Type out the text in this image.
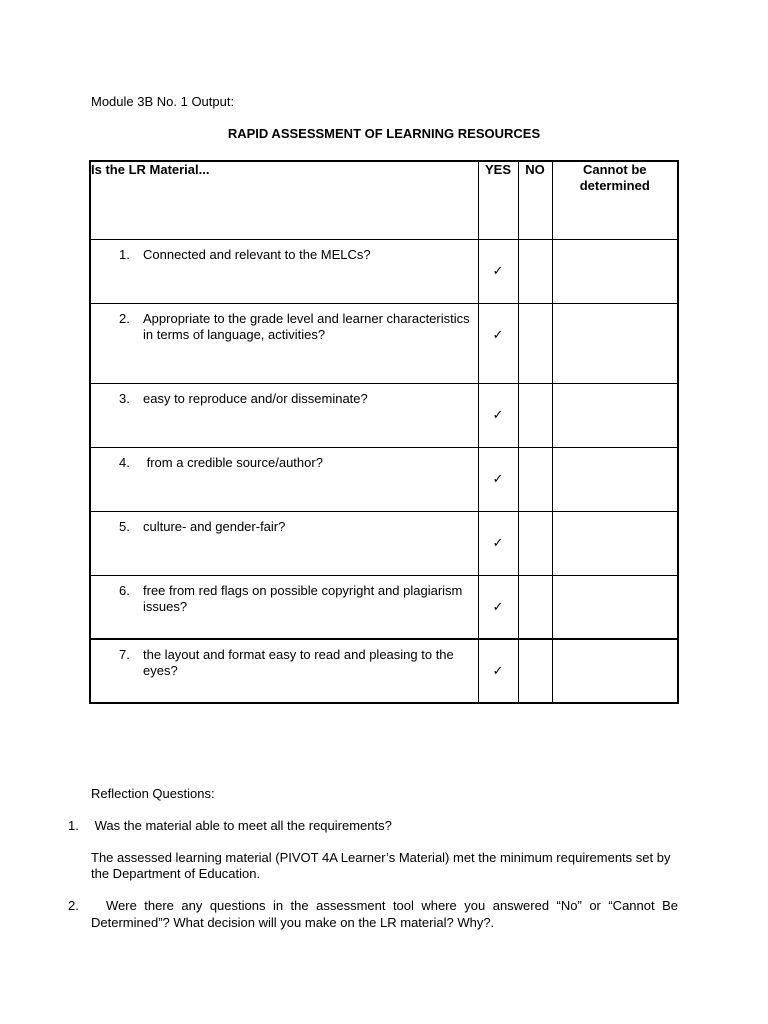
Module 3B No. 1 Output:
RAPID ASSESSMENT OF LEARNING RESOURCES
Is the LR Material...	YES	NO	Cannot be determined

1. Connected and relevant to the MELCs?	✓		

2. Appropriate to the grade level and learner characteristics in terms of language, activities?	✓		

3. easy to reproduce and/or disseminate?	✓		

4. from a credible source/author?	✓		

5. culture- and gender-fair?	✓		

6. free from red flags on possible copyright and plagiarism issues?	✓		

7. the layout and format easy to read and pleasing to the eyes?	✓		

Reflection Questions:
1. Was the material able to meet all the requirements?
The assessed learning material (PIVOT 4A Learner’s Material) met the minimum requirements set by the Department of Education.
2. Were there any questions in the assessment tool where you answered “No” or “Cannot Be Determined”? What decision will you make on the LR material? Why?.
